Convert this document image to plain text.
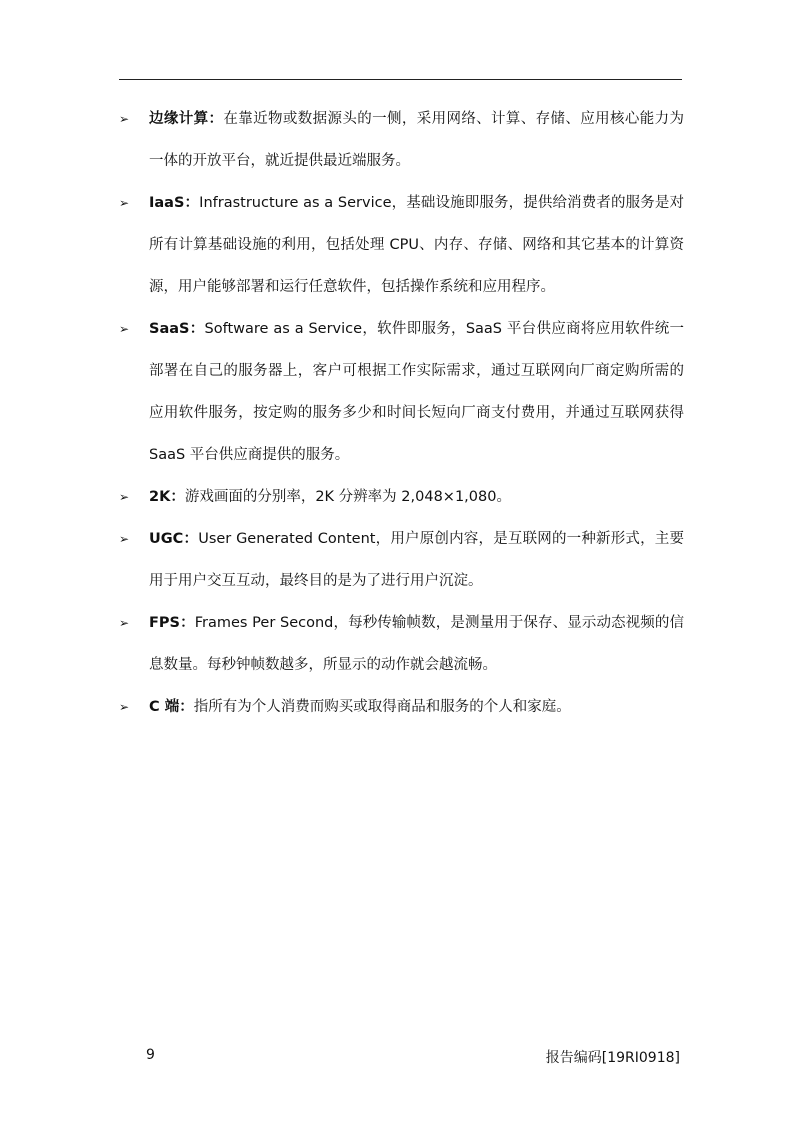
➢ 边缘计算：在靠近物或数据源头的一侧，采用网络、计算、存储、应用核心能力为一体的开放平台，就近提供最近端服务。
➢ IaaS：Infrastructure as a Service，基础设施即服务，提供给消费者的服务是对所有计算基础设施的利用，包括处理 CPU、内存、存储、网络和其它基本的计算资源，用户能够部署和运行任意软件，包括操作系统和应用程序。
➢ SaaS：Software as a Service，软件即服务，SaaS 平台供应商将应用软件统一部署在自己的服务器上，客户可根据工作实际需求，通过互联网向厂商定购所需的应用软件服务，按定购的服务多少和时间长短向厂商支付费用，并通过互联网获得 SaaS 平台供应商提供的服务。
➢ 2K：游戏画面的分别率，2K 分辨率为 2,048×1,080。
➢ UGC：User Generated Content，用户原创内容，是互联网的一种新形式，主要用于用户交互互动，最终目的是为了进行用户沉淀。
➢ FPS：Frames Per Second，每秒传输帧数，是测量用于保存、显示动态视频的信息数量。每秒钟帧数越多，所显示的动作就会越流畅。
➢ C 端：指所有为个人消费而购买或取得商品和服务的个人和家庭。
9	报告编码[19RI0918]
